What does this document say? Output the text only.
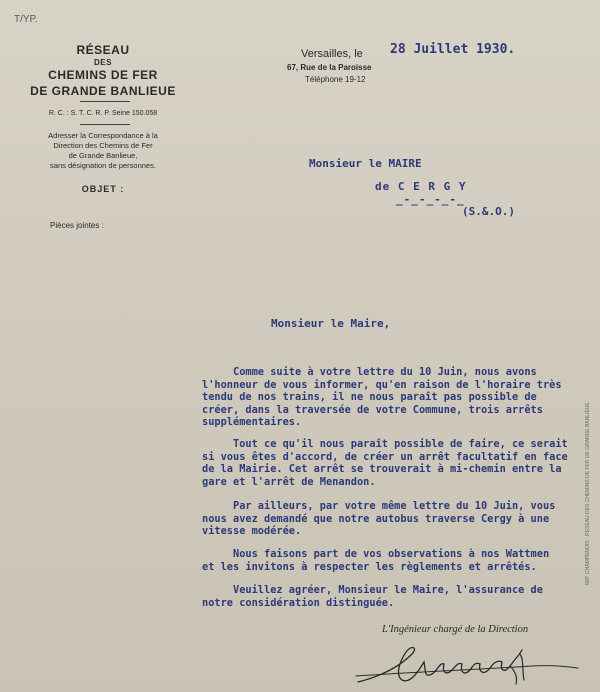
T/YP.
RÉSEAU
DES
CHEMINS DE FER
DE GRANDE BANLIEUE
R. C. : S. T. C. R. P. Seine 150.058
Adresser la Correspondance à la
Direction des Chemins de Fer
de Grande Banlieue,
sans désignation de personnes.
OBJET :
Pièces jointes :
Versailles, le 28 Juillet 1930.
67, Rue de la Paroisse
Téléphone 19-12
Monsieur le MAIRE
de C E R G Y
_-_-_-_-_
(S.&.O.)
Monsieur le Maire,
Comme suite à votre lettre du 10 Juin, nous avons
l'honneur de vous informer, qu'en raison de l'horaire très
tendu de nos trains, il ne nous paraît pas possible de
créer, dans la traversée de votre Commune, trois arrêts
supplémentaires.
Tout ce qu'il nous paraît possible de faire, ce serait
si vous êtes d'accord, de créer un arrêt facultatif en face
de la Mairie. Cet arrêt se trouverait à mi-chemin entre la
gare et l'arrêt de Menandon.
Par ailleurs, par votre même lettre du 10 Juin, vous
nous avez demandé que notre autobus traverse Cergy à une
vitesse modérée.
Nous faisons part de vos observations à nos Wattmen
et les invitons à respecter les règlements et arrêtés.
Veuillez agréer, Monsieur le Maire, l'assurance de
notre considération distinguée.
L'Ingénieur chargé de la Direction
IMP. CHAMPENOIS · RÉSEAU DES CHEMINS DE FER DE GRANDE BANLIEUE
